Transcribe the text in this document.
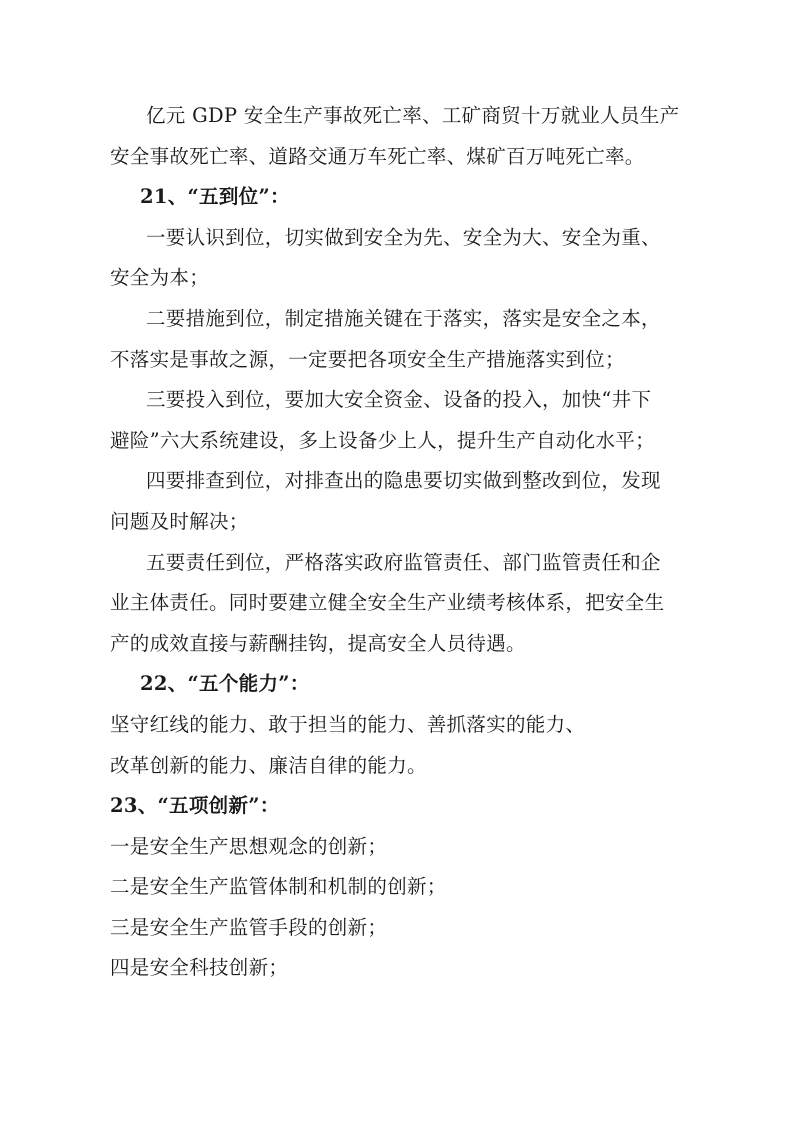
亿元 GDP 安全生产事故死亡率、工矿商贸十万就业人员生产
安全事故死亡率、道路交通万车死亡率、煤矿百万吨死亡率。
21、“五到位”：
一要认识到位，切实做到安全为先、安全为大、安全为重、
安全为本；
二要措施到位，制定措施关键在于落实，落实是安全之本，
不落实是事故之源，一定要把各项安全生产措施落实到位；
三要投入到位，要加大安全资金、设备的投入，加快“井下
避险”六大系统建设，多上设备少上人，提升生产自动化水平；
四要排查到位，对排查出的隐患要切实做到整改到位，发现
问题及时解决；
五要责任到位，严格落实政府监管责任、部门监管责任和企
业主体责任。同时要建立健全安全生产业绩考核体系，把安全生
产的成效直接与薪酬挂钩，提高安全人员待遇。
22、“五个能力”：
坚守红线的能力、敢于担当的能力、善抓落实的能力、
改革创新的能力、廉洁自律的能力。
23、“五项创新”：
一是安全生产思想观念的创新；
二是安全生产监管体制和机制的创新；
三是安全生产监管手段的创新；
四是安全科技创新；
